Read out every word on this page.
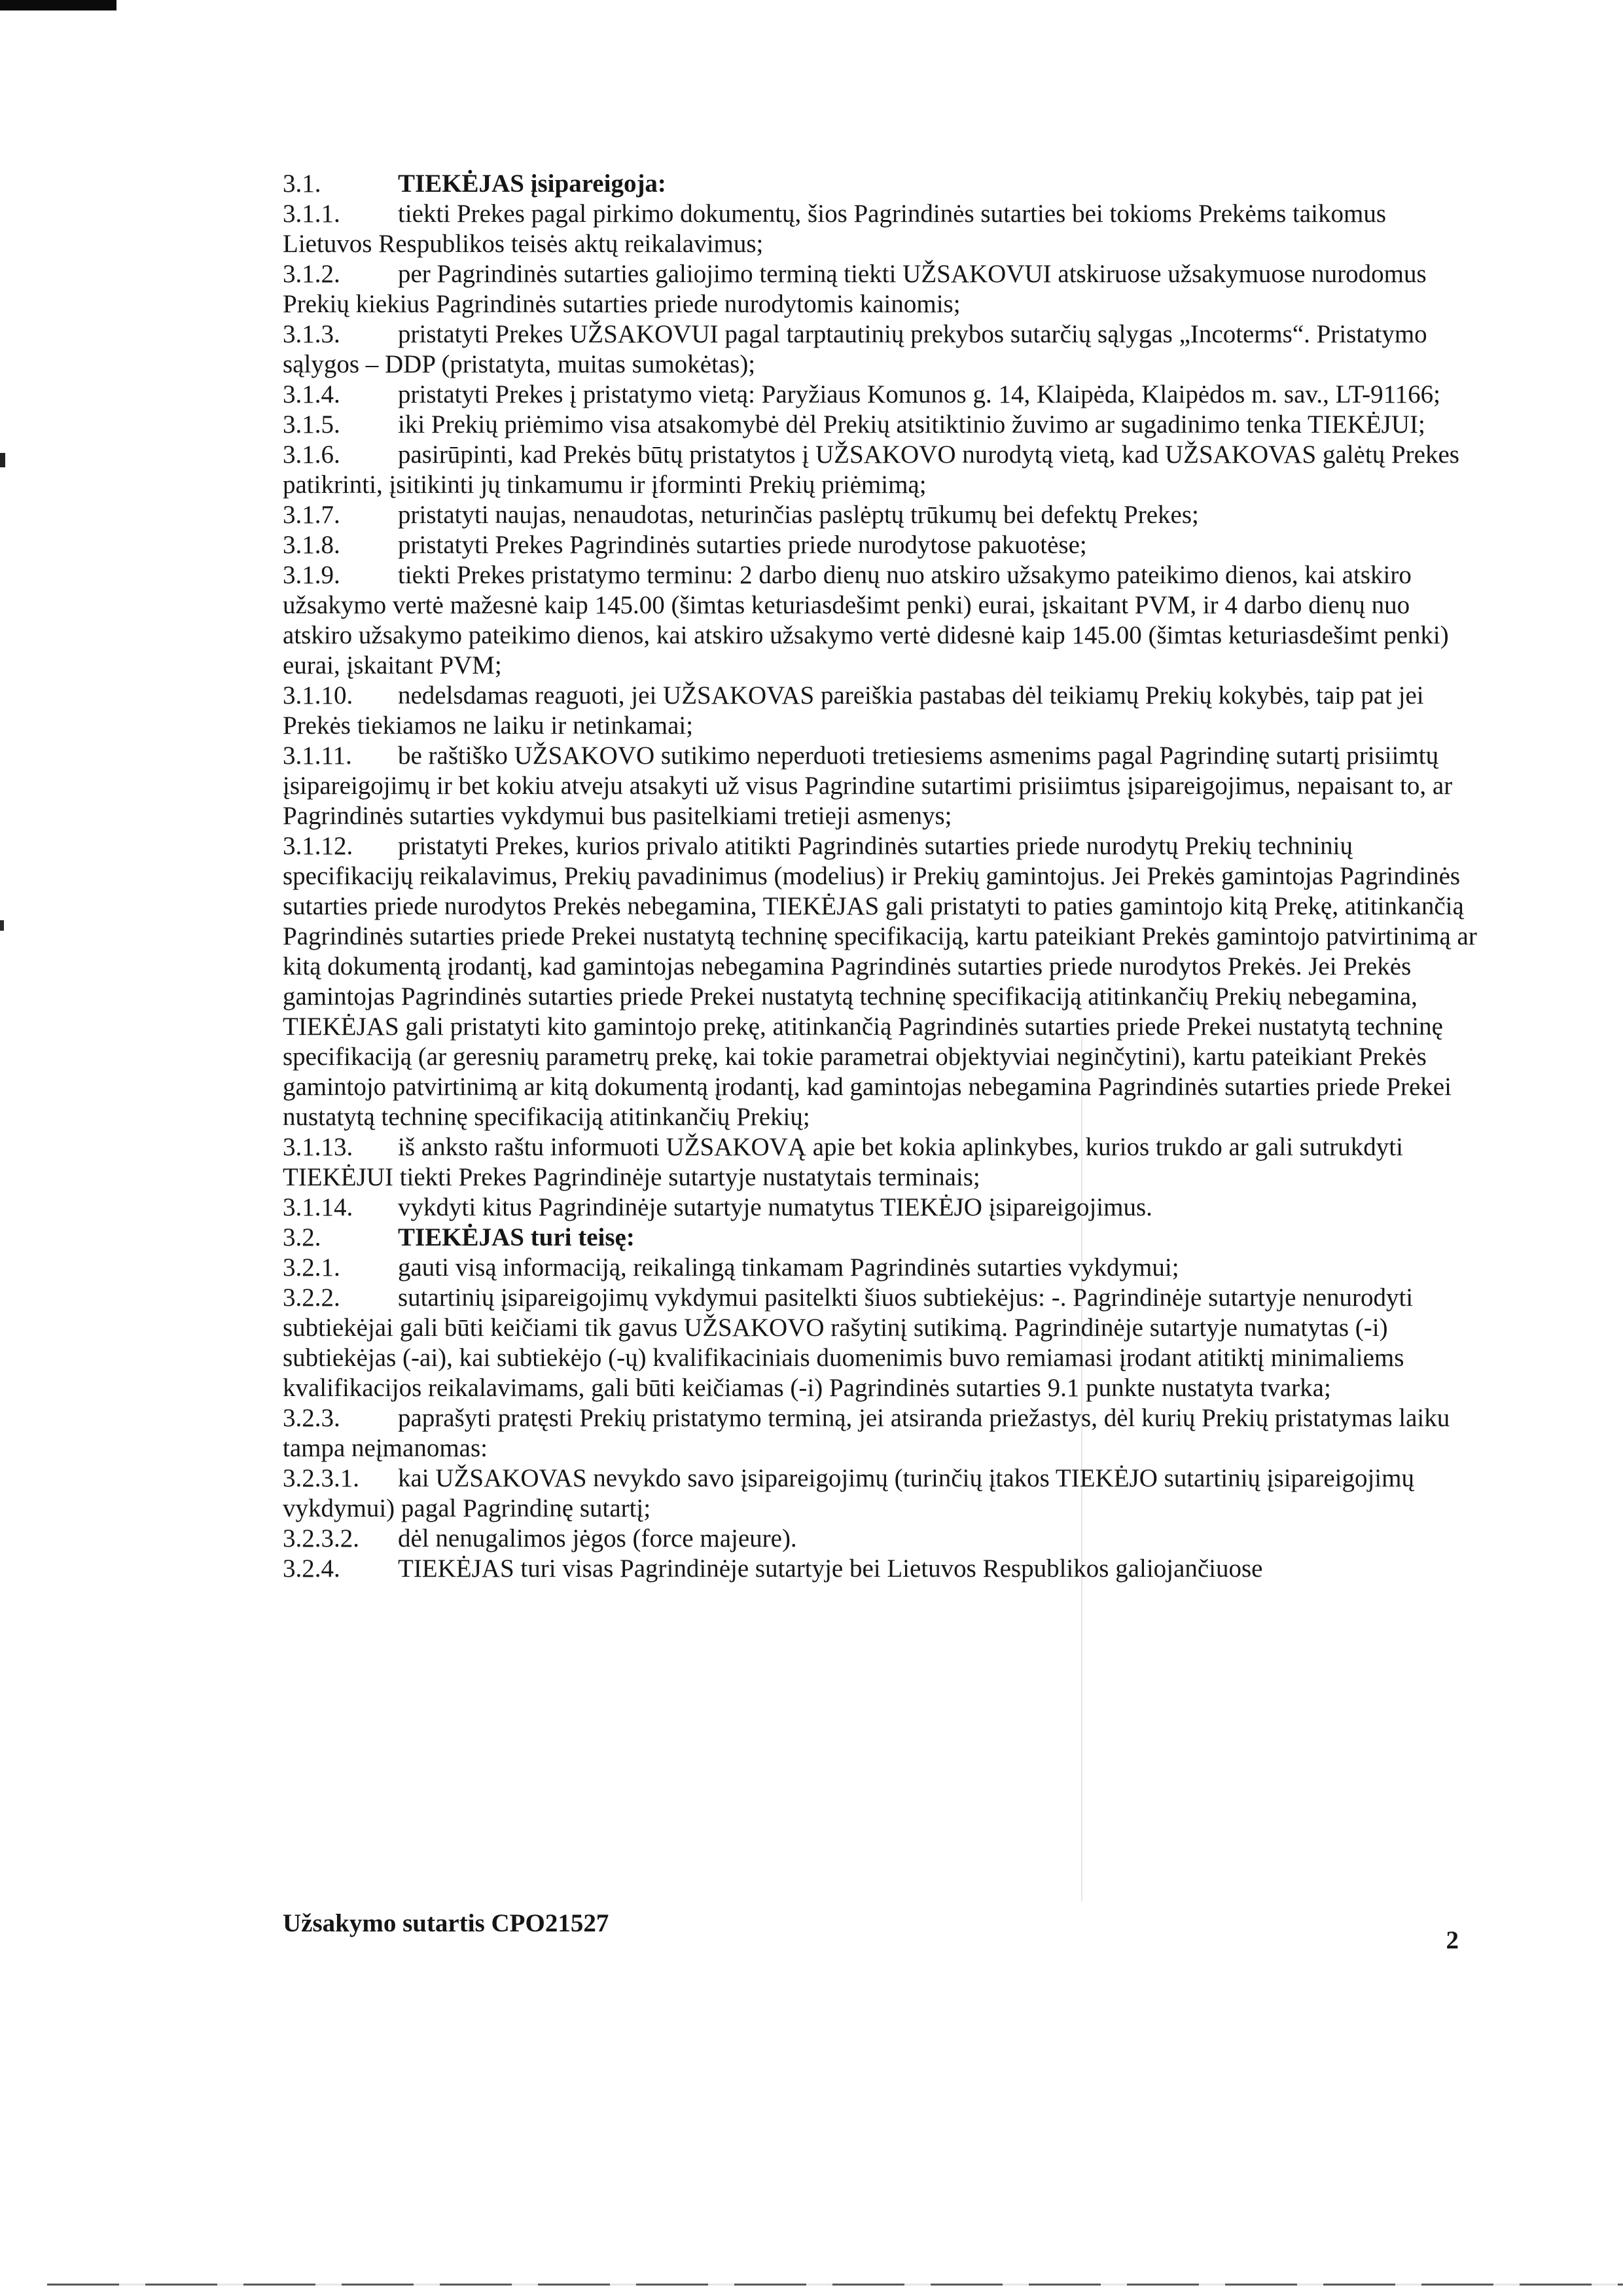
3.1.	TIEKĖJAS įsipareigoja:

3.1.1. tiekti Prekes pagal pirkimo dokumentų, šios Pagrindinės sutarties bei tokioms Prekėms taikomus Lietuvos Respublikos teisės aktų reikalavimus;

3.1.2. per Pagrindinės sutarties galiojimo terminą tiekti UŽSAKOVUI atskiruose užsakymuose nurodomus Prekių kiekius Pagrindinės sutarties priede nurodytomis kainomis;

3.1.3. pristatyti Prekes UŽSAKOVUI pagal tarptautinių prekybos sutarčių sąlygas „Incoterms“. Pristatymo sąlygos – DDP (pristatyta, muitas sumokėtas);

3.1.4. pristatyti Prekes į pristatymo vietą: Paryžiaus Komunos g. 14, Klaipėda, Klaipėdos m. sav., LT-91166;

3.1.5. iki Prekių priėmimo visa atsakomybė dėl Prekių atsitiktinio žuvimo ar sugadinimo tenka TIEKĖJUI;

3.1.6. pasirūpinti, kad Prekės būtų pristatytos į UŽSAKOVO nurodytą vietą, kad UŽSAKOVAS galėtų Prekes patikrinti, įsitikinti jų tinkamumu ir įforminti Prekių priėmimą;

3.1.7. pristatyti naujas, nenaudotas, neturinčias paslėptų trūkumų bei defektų Prekes;

3.1.8. pristatyti Prekes Pagrindinės sutarties priede nurodytose pakuotėse;

3.1.9. tiekti Prekes pristatymo terminu: 2 darbo dienų nuo atskiro užsakymo pateikimo dienos, kai atskiro užsakymo vertė mažesnė kaip 145.00 (šimtas keturiasdešimt penki) eurai, įskaitant PVM, ir 4 darbo dienų nuo atskiro užsakymo pateikimo dienos, kai atskiro užsakymo vertė didesnė kaip 145.00 (šimtas keturiasdešimt penki) eurai, įskaitant PVM;

3.1.10. nedelsdamas reaguoti, jei UŽSAKOVAS pareiškia pastabas dėl teikiamų Prekių kokybės, taip pat jei Prekės tiekiamos ne laiku ir netinkamai;

3.1.11. be raštiško UŽSAKOVO sutikimo neperduoti tretiesiems asmenims pagal Pagrindinę sutartį prisiimtų įsipareigojimų ir bet kokiu atveju atsakyti už visus Pagrindine sutartimi prisiimtus įsipareigojimus, nepaisant to, ar Pagrindinės sutarties vykdymui bus pasitelkiami tretieji asmenys;

3.1.12. pristatyti Prekes, kurios privalo atitikti Pagrindinės sutarties priede nurodytų Prekių techninių specifikacijų reikalavimus, Prekių pavadinimus (modelius) ir Prekių gamintojus. Jei Prekės gamintojas Pagrindinės sutarties priede nurodytos Prekės nebegamina, TIEKĖJAS gali pristatyti to paties gamintojo kitą Prekę, atitinkančią Pagrindinės sutarties priede Prekei nustatytą techninę specifikaciją, kartu pateikiant Prekės gamintojo patvirtinimą ar kitą dokumentą įrodantį, kad gamintojas nebegamina Pagrindinės sutarties priede nurodytos Prekės. Jei Prekės gamintojas Pagrindinės sutarties priede Prekei nustatytą techninę specifikaciją atitinkančių Prekių nebegamina, TIEKĖJAS gali pristatyti kito gamintojo prekę, atitinkančią Pagrindinės sutarties priede Prekei nustatytą techninę specifikaciją (ar geresnių parametrų prekę, kai tokie parametrai objektyviai neginčytini), kartu pateikiant Prekės gamintojo patvirtinimą ar kitą dokumentą įrodantį, kad gamintojas nebegamina Pagrindinės sutarties priede Prekei nustatytą techninę specifikaciją atitinkančių Prekių;

3.1.13. iš anksto raštu informuoti UŽSAKOVĄ apie bet kokia aplinkybes, kurios trukdo ar gali sutrukdyti TIEKĖJUI tiekti Prekes Pagrindinėje sutartyje nustatytais terminais;

3.1.14. vykdyti kitus Pagrindinėje sutartyje numatytus TIEKĖJO įsipareigojimus.

3.2.	TIEKĖJAS turi teisę:

3.2.1. gauti visą informaciją, reikalingą tinkamam Pagrindinės sutarties vykdymui;

3.2.2. sutartinių įsipareigojimų vykdymui pasitelkti šiuos subtiekėjus: -. Pagrindinėje sutartyje nenurodyti subtiekėjai gali būti keičiami tik gavus UŽSAKOVO rašytinį sutikimą. Pagrindinėje sutartyje numatytas (-i) subtiekėjas (-ai), kai subtiekėjo (-ų) kvalifikaciniais duomenimis buvo remiamasi įrodant atitiktį minimaliems kvalifikacijos reikalavimams, gali būti keičiamas (-i) Pagrindinės sutarties 9.1 punkte nustatyta tvarka;

3.2.3. paprašyti pratęsti Prekių pristatymo terminą, jei atsiranda priežastys, dėl kurių Prekių pristatymas laiku tampa neįmanomas:

3.2.3.1. kai UŽSAKOVAS nevykdo savo įsipareigojimų (turinčių įtakos TIEKĖJO sutartinių įsipareigojimų vykdymui) pagal Pagrindinę sutartį;

3.2.3.2. dėl nenugalimos jėgos (force majeure).

3.2.4. TIEKĖJAS turi visas Pagrindinėje sutartyje bei Lietuvos Respublikos galiojančiuose

Užsakymo sutartis CPO21527
2
